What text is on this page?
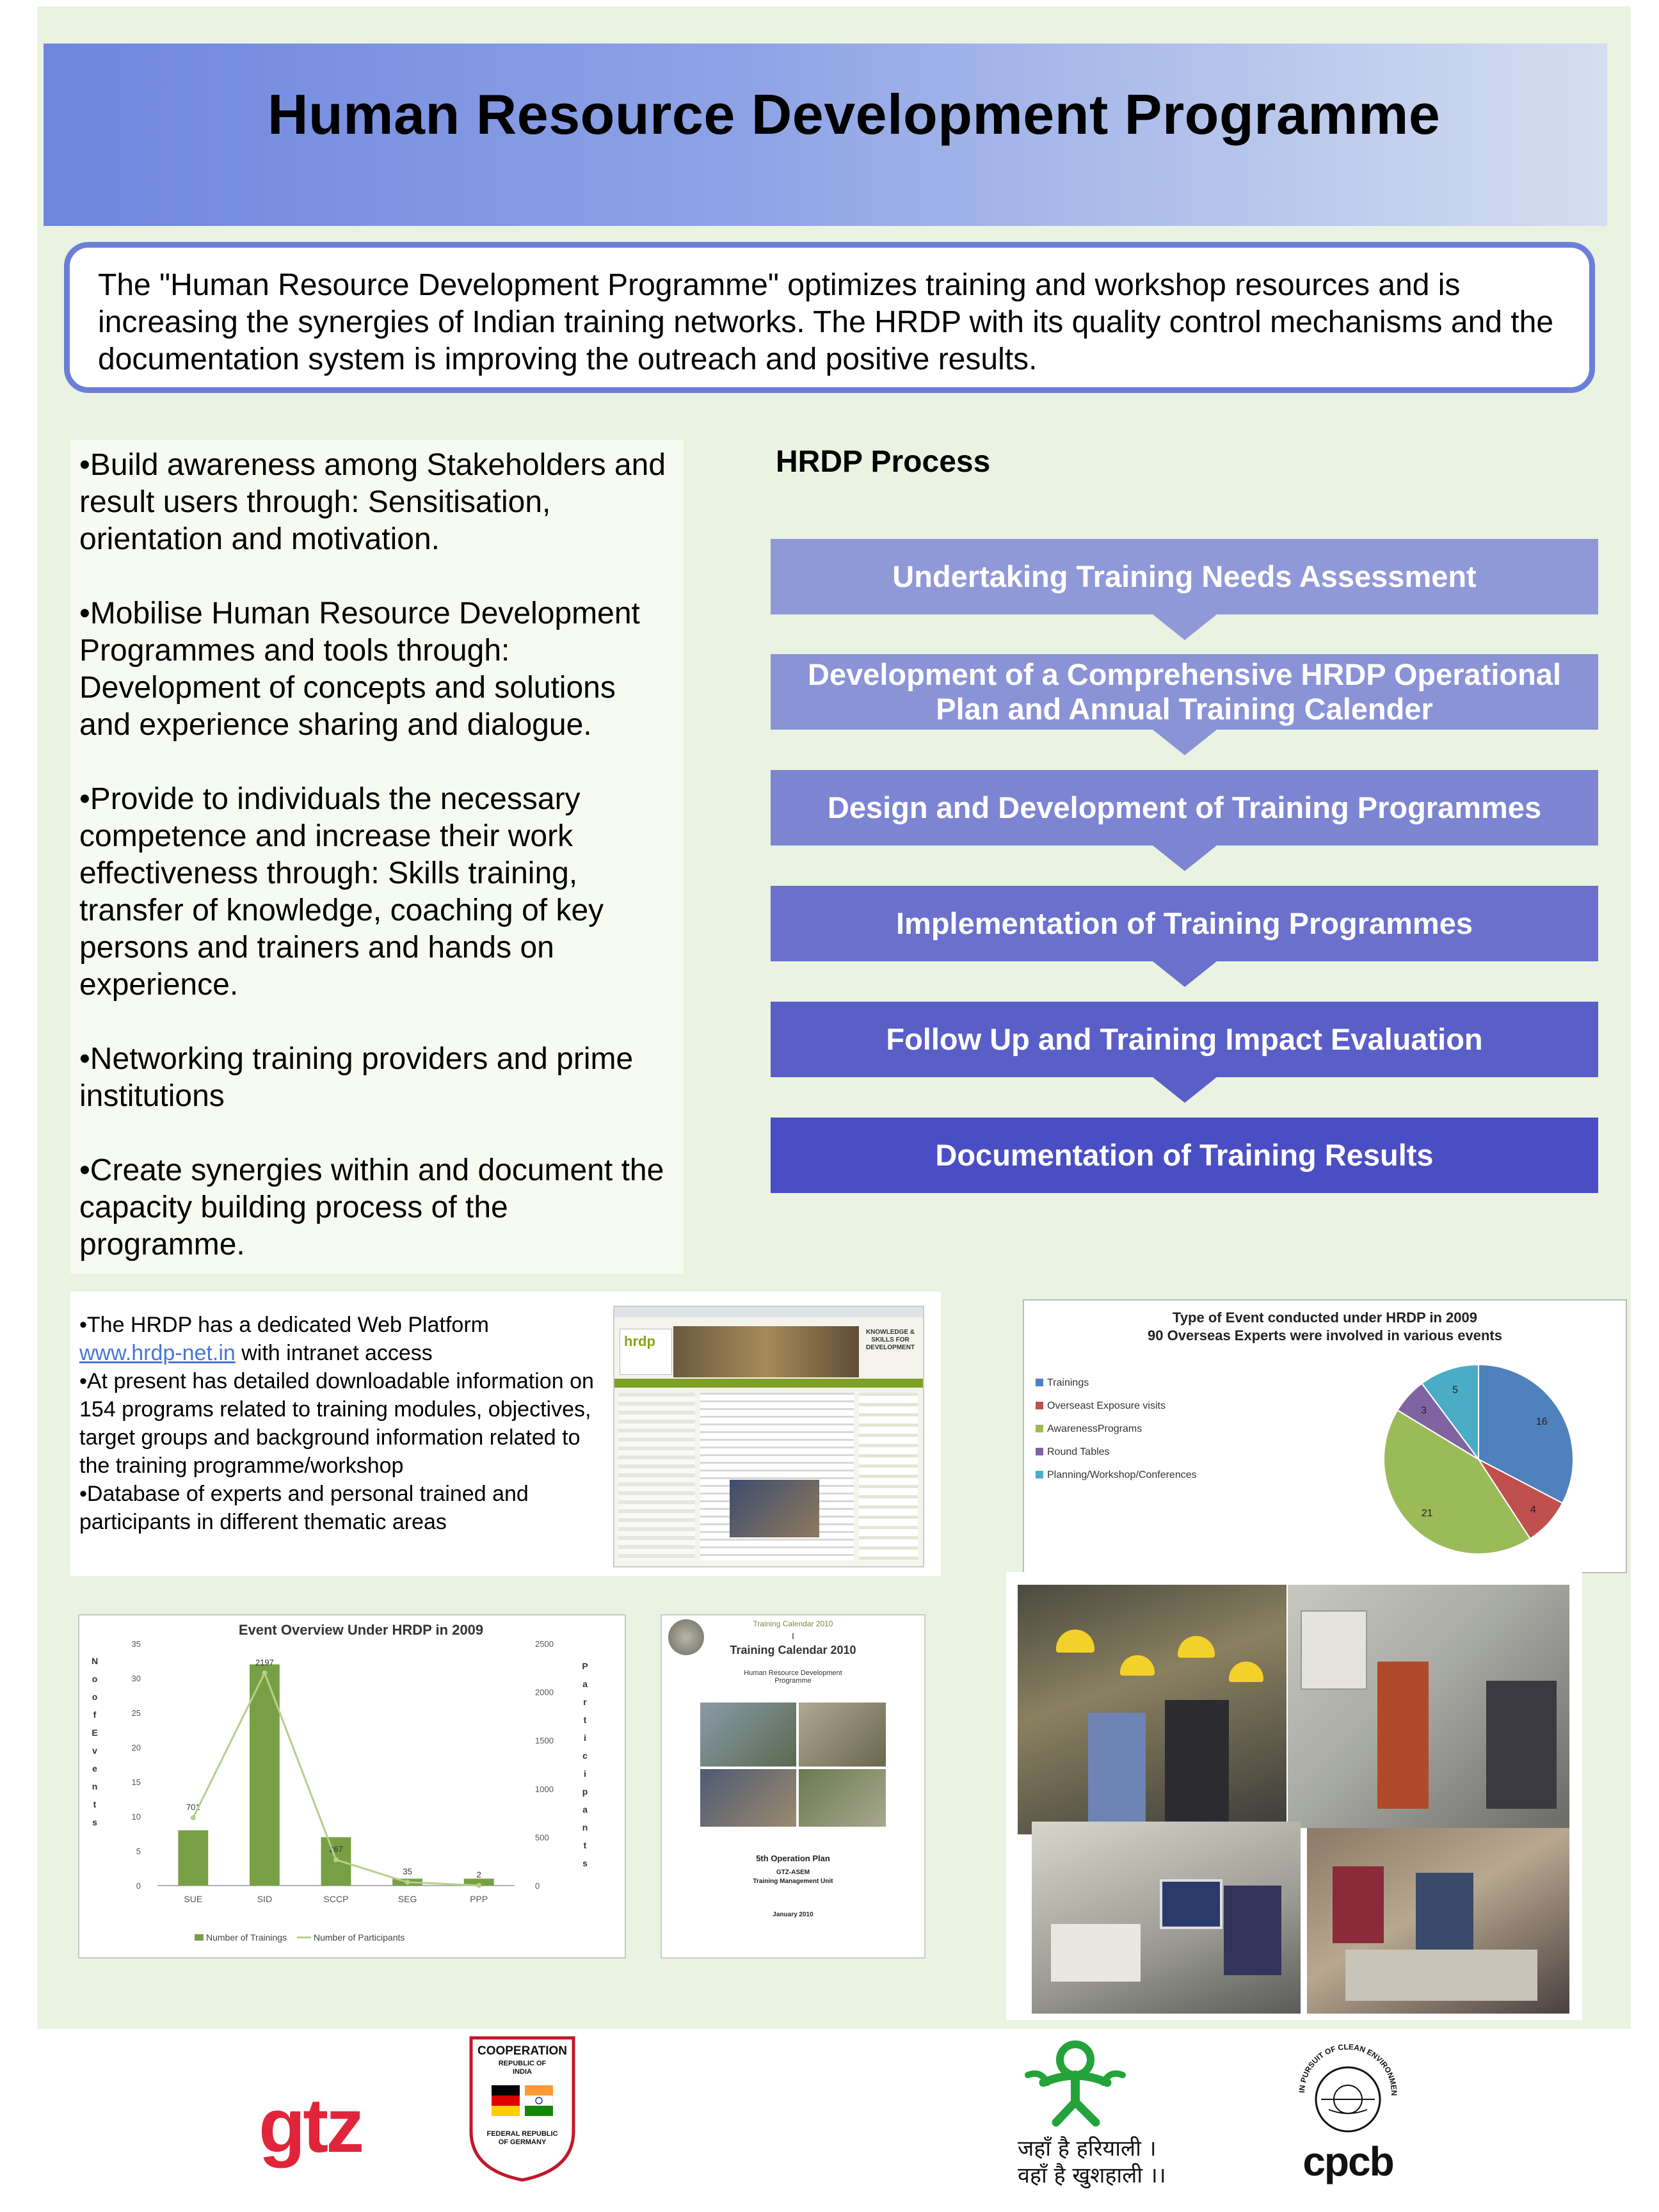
Human Resource Development Programme
The "Human Resource Development Programme" optimizes training and workshop resources and is increasing the synergies of Indian training networks. The HRDP with its quality control mechanisms and the documentation system is improving the outreach and positive results.

•Build awareness among Stakeholders and result users through: Sensitisation, orientation and motivation.

•Mobilise Human Resource Development Programmes and tools through: Development of concepts and solutions and experience sharing and dialogue.

•Provide to individuals the necessary competence and increase their work effectiveness through: Skills training, transfer of knowledge, coaching of key persons and trainers and hands on experience.

•Networking training providers and prime institutions

•Create synergies within and document the capacity building process of the programme.

HRDP Process
Undertaking Training Needs Assessment
Development of a Comprehensive HRDP Operational Plan and Annual Training Calender
Design and Development of Training Programmes
Implementation of Training Programmes
Follow Up and Training Impact Evaluation
Documentation of Training Results

•The HRDP has a dedicated Web Platform

www.hrdp-net.in with intranet access

•At present has detailed downloadable information on 154 programs related to training modules, objectives, target groups and background information related to the training programme/workshop

•Database of experts and personal trained and participants in different thematic areas

hrdp
KNOWLEDGE & SKILLS FOR DEVELOPMENT
Type of Event conducted under HRDP in 2009
90 Overseas Experts were involved in various events
16
4
21
3
5
Trainings
Overseast Exposure visits
AwarenessPrograms
Round Tables
Planning/Workshop/Conferences
Event Overview Under HRDP in 2009
0
5
10
15
20
25
30
35
0
500
1000
1500
2000
2500
N
o
o
f
E
v
e
n
t
s
P
a
r
t
i
c
i
p
a
n
t
s
SUE
701
SID
2197
SCCP
267
SEG
35
PPP
2
Number of Trainings	Number of Participants
Training Calendar 2010
I
Training Calendar 2010
Human Resource Development Programme
5th Operation Plan
GTZ-ASEM
Training Management Unit
January 2010
gtz
COOPERATION
REPUBLIC OF INDIA
FEDERAL REPUBLIC OF GERMANY	जहाँ है हरियाली ।
वहाँ है खुशहाली ।।
IN PURSUIT OF CLEAN ENVIRONMEN
cpcb
